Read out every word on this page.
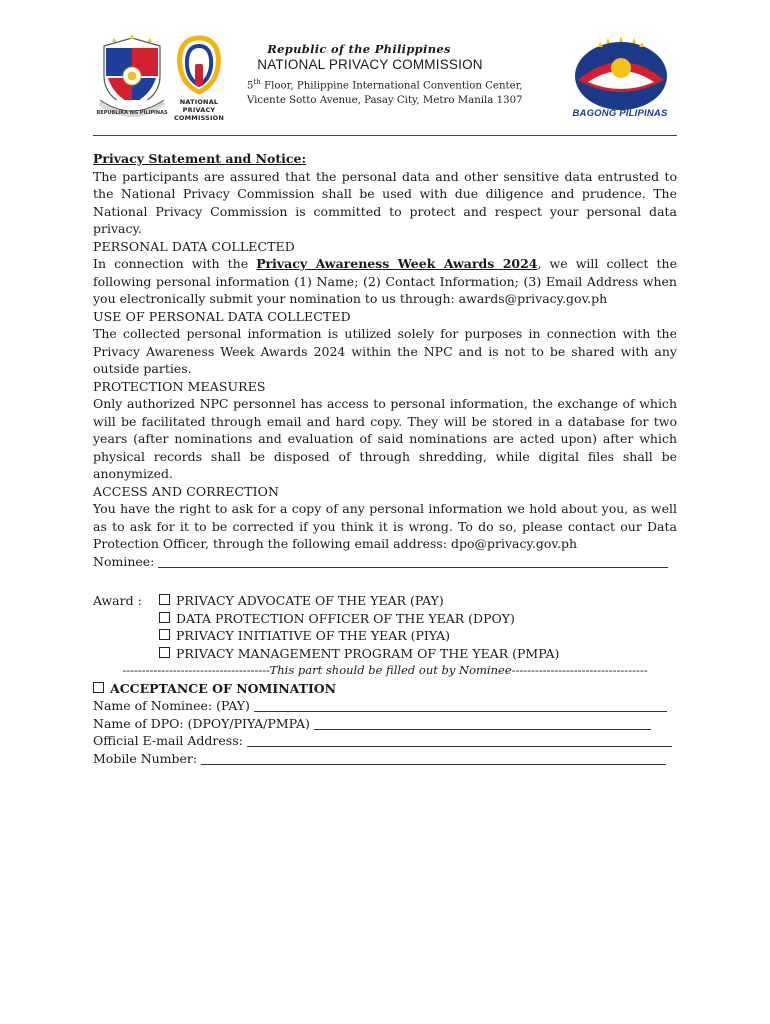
REPUBLIKA NG PILIPINAS
NATIONAL
PRIVACY
COMMISSION
Republic of the Philippines
NATIONAL PRIVACY COMMISSION
5th Floor, Philippine International Convention Center,
Vicente Sotto Avenue, Pasay City, Metro Manila 1307
BAGONG PILIPINAS

Privacy Statement and Notice:

The participants are assured that the personal data and other sensitive data entrusted to the National Privacy Commission shall be used with due diligence and prudence. The National Privacy Commission is committed to protect and respect your personal data privacy.

PERSONAL DATA COLLECTED

In connection with the Privacy Awareness Week Awards 2024, we will collect the following personal information (1) Name; (2) Contact Information; (3) Email Address when you electronically submit your nomination to us through: awards@privacy.gov.ph

USE OF PERSONAL DATA COLLECTED

The collected personal information is utilized solely for purposes in connection with the Privacy Awareness Week Awards 2024 within the NPC and is not to be shared with any outside parties.

PROTECTION MEASURES

Only authorized NPC personnel has access to personal information, the exchange of which will be facilitated through email and hard copy. They will be stored in a database for two years (after nominations and evaluation of said nominations are acted upon) after which physical records shall be disposed of through shredding, while digital files shall be anonymized.

ACCESS AND CORRECTION

You have the right to ask for a copy of any personal information we hold about you, as well as to ask for it to be corrected if you think it is wrong. To do so, please contact our Data Protection Officer, through the following email address: dpo@privacy.gov.ph

Nominee:

Award :	PRIVACY ADVOCATE OF THE YEAR (PAY)
DATA PROTECTION OFFICER OF THE YEAR (DPOY)
PRIVACY INITIATIVE OF THE YEAR (PIYA)
PRIVACY MANAGEMENT PROGRAM OF THE YEAR (PMPA)

--------------------------------------This part should be filled out by Nominee-----------------------------------

ACCEPTANCE OF NOMINATION

Name of Nominee: (PAY)

Name of DPO: (DPOY/PIYA/PMPA)

Official E-mail Address:

Mobile Number:
